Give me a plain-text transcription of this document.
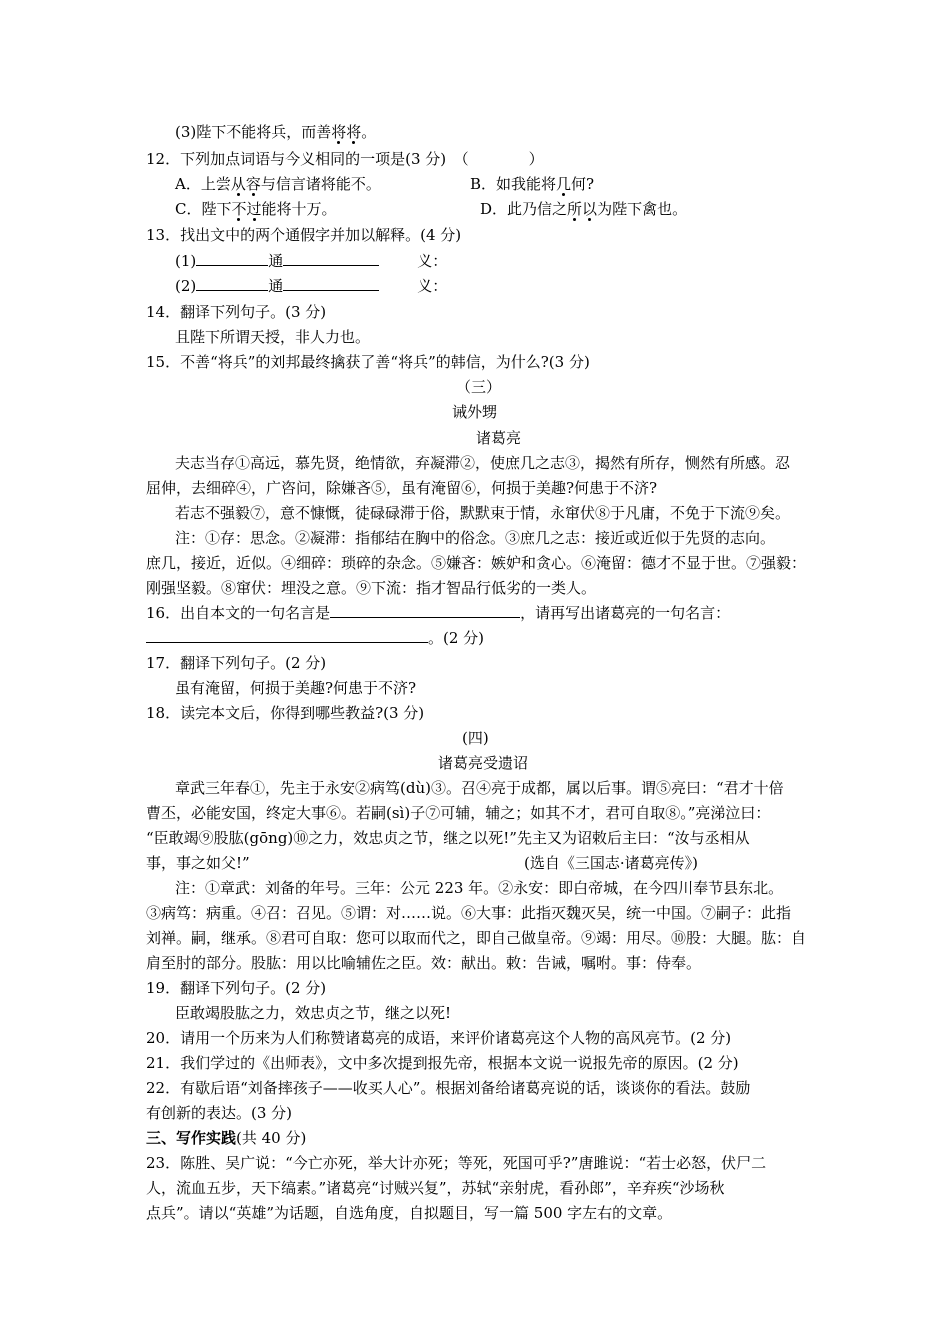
(3)陛下不能将兵，而善将将。
12．下列加点词语与今义相同的一项是(3 分)　（　　　　）
A．上尝从容与信言诸将能不。	B．如我能将几何?
C．陛下不过能将十万。	D．此乃信之所以为陛下禽也。
13．找出文中的两个通假字并加以解释。(4 分)
(1)	通	义：
(2)	通	义：
14．翻译下列句子。(3 分)
且陛下所谓天授，非人力也。
15．不善“将兵”的刘邦最终擒获了善“将兵”的韩信，为什么?(3 分)
（三）
诫外甥
诸葛亮
夫志当存①高远，慕先贤，绝情欲，弃凝滞②，使庶几之志③，揭然有所存，恻然有所感。忍
屈伸，去细碎④，广咨问，除嫌吝⑤，虽有淹留⑥，何损于美趣?何患于不济?
若志不强毅⑦，意不慷慨，徒碌碌滞于俗，默默束于情，永窜伏⑧于凡庸，不免于下流⑨矣。
注：①存：思念。②凝滞：指郁结在胸中的俗念。③庶几之志：接近或近似于先贤的志向。
庶几，接近，近似。④细碎：琐碎的杂念。⑤嫌吝：嫉妒和贪心。⑥淹留：德才不显于世。⑦强毅：
刚强坚毅。⑧窜伏：埋没之意。⑨下流：指才智品行低劣的一类人。
16．出自本文的一句名言是	，请再写出诸葛亮的一句名言：
。(2 分)
17．翻译下列句子。(2 分)
虽有淹留，何损于美趣?何患于不济?
18．读完本文后，你得到哪些教益?(3 分)
(四)
诸葛亮受遗诏
章武三年春①，先主于永安②病笃(dù)③。召④亮于成都，属以后事。谓⑤亮曰：“君才十倍
曹丕，必能安国，终定大事⑥。若嗣(sì)子⑦可辅，辅之；如其不才，君可自取⑧。”亮涕泣曰：
“臣敢竭⑨股肱(gōng)⑩之力，效忠贞之节，继之以死!”先主又为诏敕后主曰：“汝与丞相从
事，事之如父!”	(选自《三国志·诸葛亮传》)
注：①章武：刘备的年号。三年：公元 223 年。②永安：即白帝城，在今四川奉节县东北。
③病笃：病重。④召：召见。⑤谓：对……说。⑥大事：此指灭魏灭吴，统一中国。⑦嗣子：此指
刘禅。嗣，继承。⑧君可自取：您可以取而代之，即自己做皇帝。⑨竭：用尽。⑩股：大腿。肱：自
肩至肘的部分。股肱：用以比喻辅佐之臣。效：献出。敕：告诫，嘱咐。事：侍奉。
19．翻译下列句子。(2 分)
臣敢竭股肱之力，效忠贞之节，继之以死!
20．请用一个历来为人们称赞诸葛亮的成语，来评价诸葛亮这个人物的高风亮节。(2 分)
21．我们学过的《出师表》，文中多次提到报先帝，根据本文说一说报先帝的原因。(2 分)
22．有歇后语“刘备摔孩子——收买人心”。根据刘备给诸葛亮说的话，谈谈你的看法。鼓励
有创新的表达。(3 分)
三、写作实践(共 40 分)
23．陈胜、吴广说：“今亡亦死，举大计亦死；等死，死国可乎?”唐雎说：“若士必怒，伏尸二
人，流血五步，天下缟素。”诸葛亮“讨贼兴复”，苏轼“亲射虎，看孙郎”，辛弃疾“沙场秋
点兵”。请以“英雄”为话题，自选角度，自拟题目，写一篇 500 字左右的文章。
